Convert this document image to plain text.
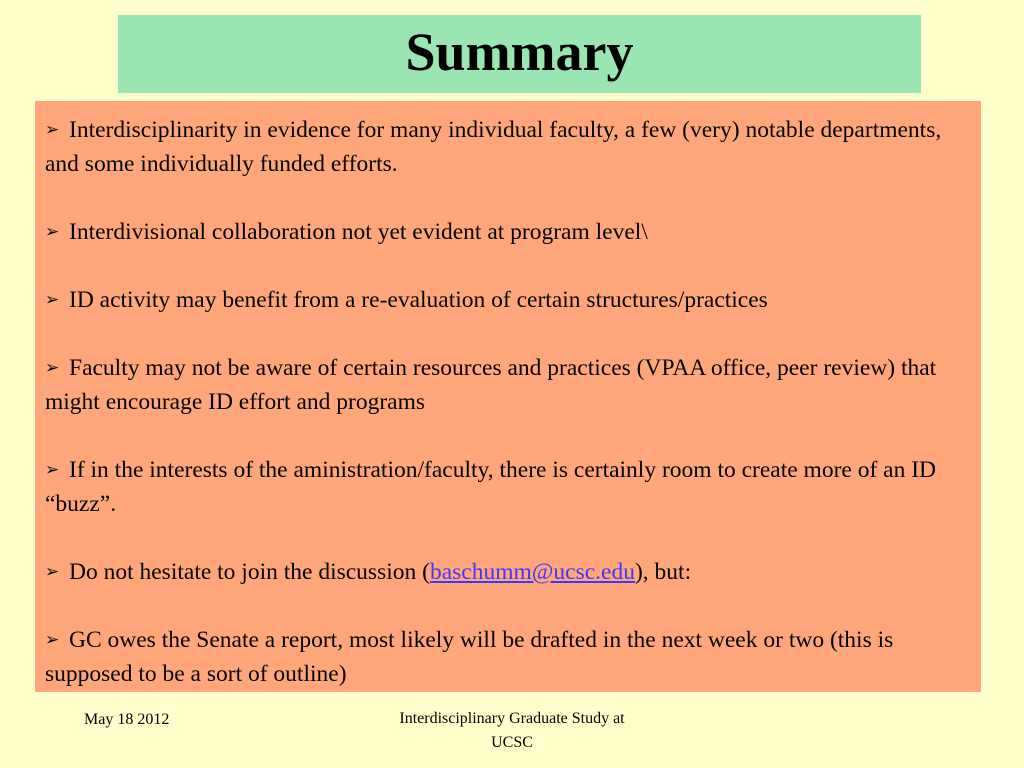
Summary

➢ Interdisciplinarity in evidence for many individual faculty, a few (very) notable departments, and some individually funded efforts.

➢ Interdivisional collaboration not yet evident at program level\

➢ ID activity may benefit from a re-evaluation of certain structures/practices

➢ Faculty may not be aware of certain resources and practices (VPAA office, peer review) that might encourage ID effort and programs

➢ If in the interests of the aministration/faculty, there is certainly room to create more of an ID “buzz”.

➢ Do not hesitate to join the discussion (baschumm@ucsc.edu), but:

➢ GC owes the Senate a report, most likely will be drafted in the next week or two (this is supposed to be a sort of outline)

May 18 2012	Interdisciplinary Graduate Study at
UCSC
